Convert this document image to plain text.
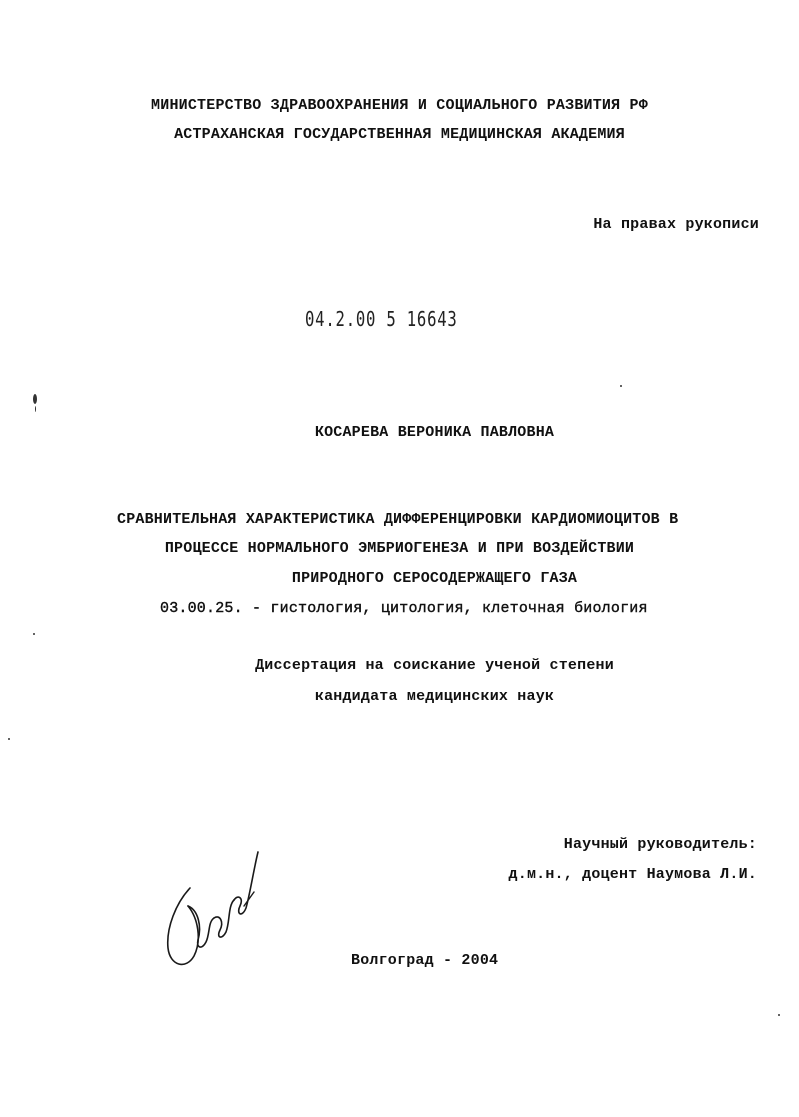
МИНИСТЕРСТВО ЗДРАВООХРАНЕНИЯ И СОЦИАЛЬНОГО РАЗВИТИЯ РФ
АСТРАХАНСКАЯ ГОСУДАРСТВЕННАЯ МЕДИЦИНСКАЯ АКАДЕМИЯ
На правах рукописи
04.2.00 5 16643
КОСАРЕВА ВЕРОНИКА ПАВЛОВНА
СРАВНИТЕЛЬНАЯ ХАРАКТЕРИСТИКА ДИФФЕРЕНЦИРОВКИ КАРДИОМИОЦИТОВ В
ПРОЦЕССЕ НОРМАЛЬНОГО ЭМБРИОГЕНЕЗА И ПРИ ВОЗДЕЙСТВИИ
ПРИРОДНОГО СЕРОСОДЕРЖАЩЕГО ГАЗА
03.00.25. - гистология, цитология, клеточная биология
Диссертация на соискание ученой степени
кандидата медицинских наук
Научный руководитель:
д.м.н., доцент Наумова Л.И.
Волгоград - 2004
